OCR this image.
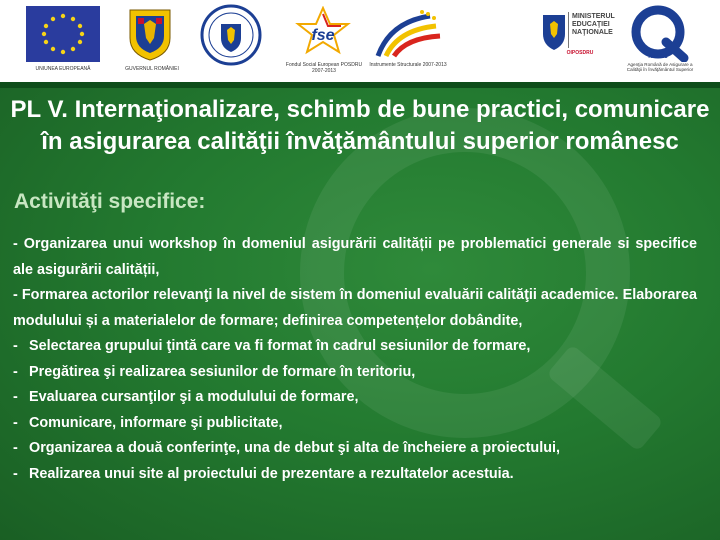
UNIUNEA EUROPEANĂ	GUVERNUL ROMÂNIEI
fse
Fondul Social European POSDRU 2007-2013
Instrumente Structurale 2007-2013
MINISTERUL EDUCAŢIEI NAŢIONALE
OIPOSDRU
ARACIS
Agenţia Română de Asigurare a Calităţii în Învăţământul Superior
PL V. Internaţionalizare, schimb de bune practici, comunicare în asigurarea calităţii învăţământului superior românesc
Activităţi specifice:

- Organizarea unui workshop în domeniul asigurării calității pe problematici generale si specifice ale asigurării calității,

- Formarea actorilor relevanţi la nivel de sistem în domeniul evaluării calităţii academice. Elaborarea modulului și a materialelor de formare; definirea competențelor dobândite,

- Selectarea grupului ţintă care va fi format în cadrul sesiunilor de formare,

- Pregătirea şi realizarea sesiunilor de formare în teritoriu,

- Evaluarea cursanţilor şi a modulului de formare,

- Comunicare, informare şi publicitate,

- Organizarea a două conferinţe, una de debut şi alta de încheiere a proiectului,

- Realizarea unui site al proiectului de prezentare a rezultatelor acestuia.
